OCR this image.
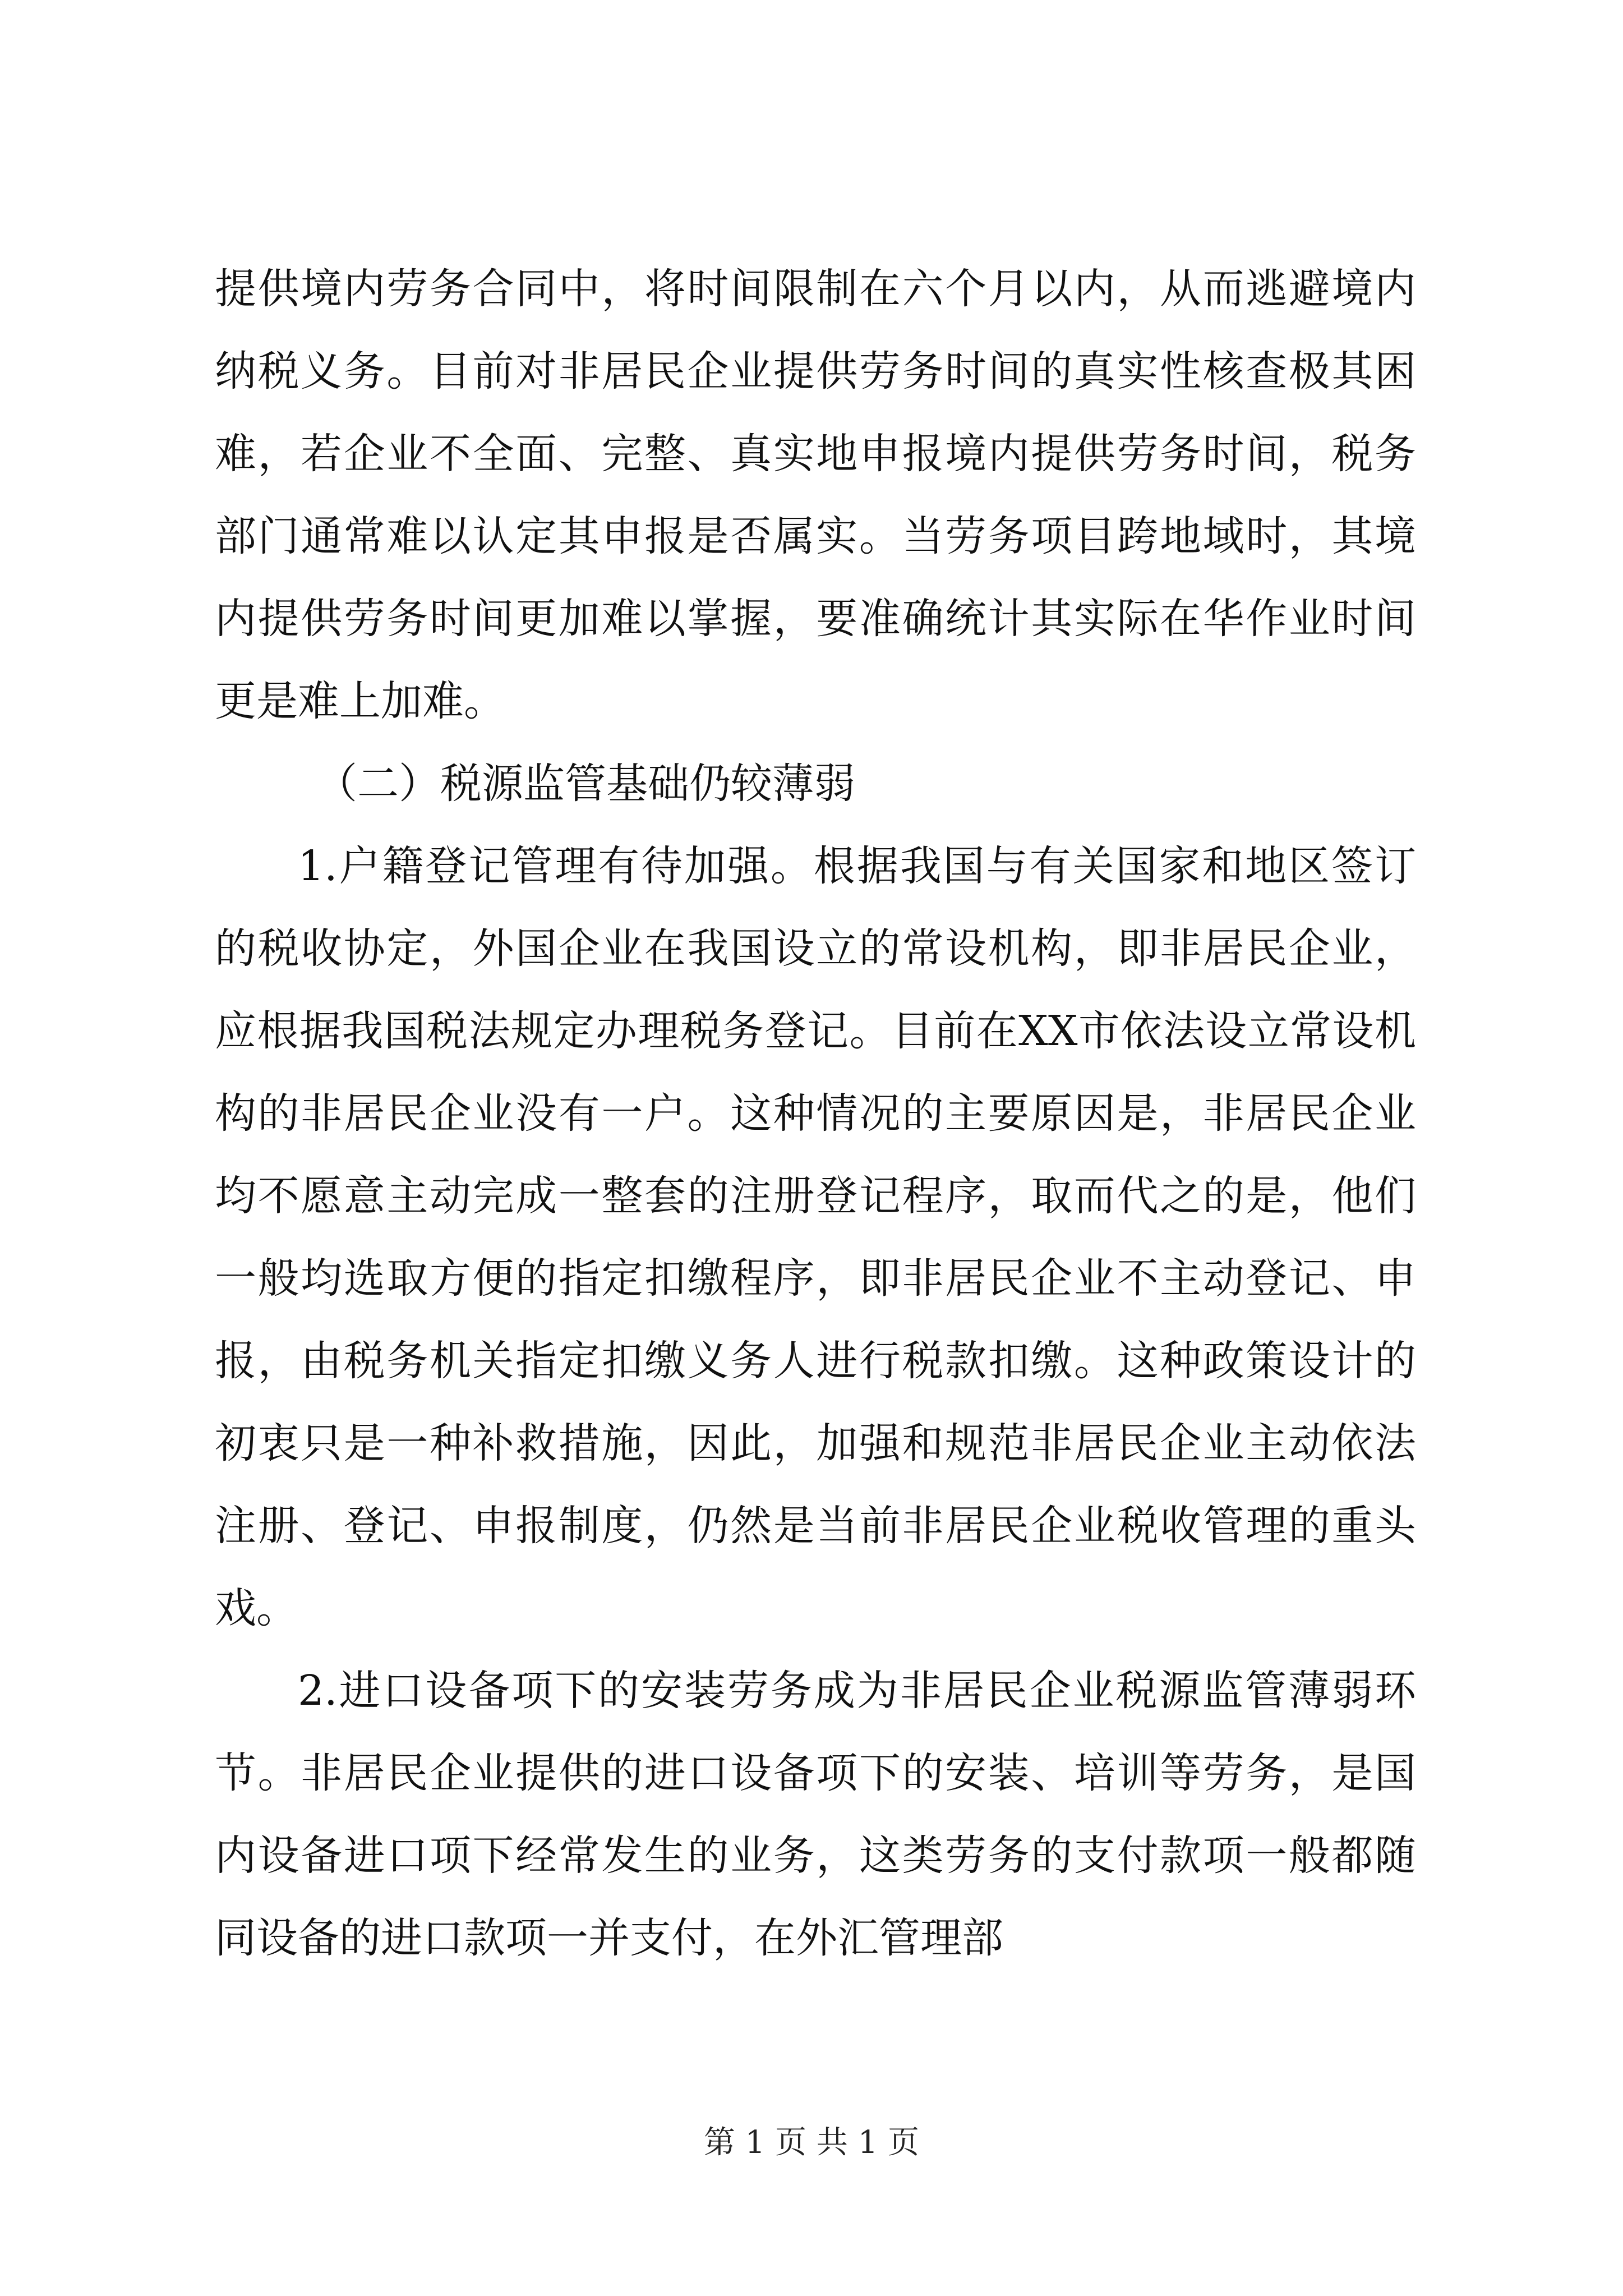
提供境内劳务合同中，将时间限制在六个月以内，从而逃避境内纳税义务。目前对非居民企业提供劳务时间的真实性核查极其困难，若企业不全面、完整、真实地申报境内提供劳务时间，税务部门通常难以认定其申报是否属实。当劳务项目跨地域时，其境内提供劳务时间更加难以掌握，要准确统计其实际在华作业时间更是难上加难。

（二）税源监管基础仍较薄弱

1.户籍登记管理有待加强。根据我国与有关国家和地区签订的税收协定，外国企业在我国设立的常设机构，即非居民企业，应根据我国税法规定办理税务登记。目前在XX市依法设立常设机构的非居民企业没有一户。这种情况的主要原因是，非居民企业均不愿意主动完成一整套的注册登记程序，取而代之的是，他们一般均选取方便的指定扣缴程序，即非居民企业不主动登记、申报，由税务机关指定扣缴义务人进行税款扣缴。这种政策设计的初衷只是一种补救措施，因此，加强和规范非居民企业主动依法注册、登记、申报制度，仍然是当前非居民企业税收管理的重头戏。

2.进口设备项下的安装劳务成为非居民企业税源监管薄弱环节。非居民企业提供的进口设备项下的安装、培训等劳务，是国内设备进口项下经常发生的业务，这类劳务的支付款项一般都随同设备的进口款项一并支付，在外汇管理部

第 1 页 共 1 页
